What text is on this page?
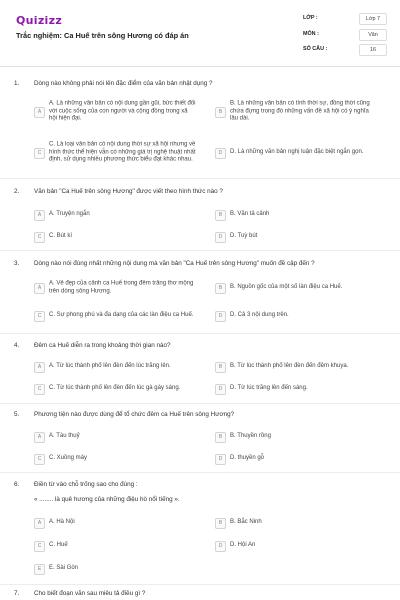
Quizizz
Trắc nghiệm: Ca Huế trên sông Hương có đáp án
LỚP :	Lớp 7
MÔN :	Văn
SỐ CÂU :	16
1. Dòng nào không phải nói lên đặc điểm của văn bản nhật dụng ?
A
A. Là những văn bản có nội dung gần gũi, bức thiết đối với cuộc sống của con người và cộng đồng trong xã hội hiện đại.
B
B. Là những văn bản có tính thời sự, đồng thời cũng chứa đựng trong đó những vấn đề xã hội có ý nghĩa lâu dài.
C
C. Là loại văn bản có nội dung thời sự xã hội nhưng về hình thức thể hiện vẫn có những giá trị nghệ thuật nhất định, sử dụng nhiều phương thức biểu đạt khác nhau.
D	D. Là những văn bản nghị luận đặc biệt ngắn gọn.
2. Văn bản "Ca Huế trên sông Hương" được viết theo hình thức nào ?
A	A. Truyện ngắn	B	B. Văn tả cảnh
C	C. Bút kí	D	D. Tuỳ bút
3. Dòng nào nói đúng nhất những nội dung mà văn bản "Ca Huế trên sông Hương" muốn đề cập đến ?
A
A. Vẻ đẹp của cảnh ca Huế trong đêm trăng thơ mộng trên dòng sông Hương.
B	B. Nguồn gốc của một số làn điệu ca Huế.
C	C. Sự phong phú và đa dạng của các làn điệu ca Huế.	D	D. Cả 3 nội dung trên.
4. Đêm ca Huế diễn ra trong khoảng thời gian nào?
A	A. Từ lúc thành phố lên đèn đến lúc trăng lên.	B	B. Từ lúc thành phố lên đèn đến đêm khuya.
C	C. Từ lúc thành phố lên đèn đến lúc gà gáy sáng.	D	D. Từ lúc trăng lên đến sáng.
5. Phương tiện nào được dùng để tổ chức đêm ca Huế trên sông Hương?
A	A. Tàu thuỷ	B	B. Thuyền rồng
C	C. Xuồng máy	D	D. thuyền gỗ
6. Điền từ vào chỗ trống sao cho đúng :
« ........ là quê hương của những điệu hò nổi tiếng ».
A	A. Hà Nội	B	B. Bắc Ninh
C	C. Huế	D	D. Hội An
E	E. Sài Gòn
7. Cho biết đoạn văn sau miêu tả điều gì ?
